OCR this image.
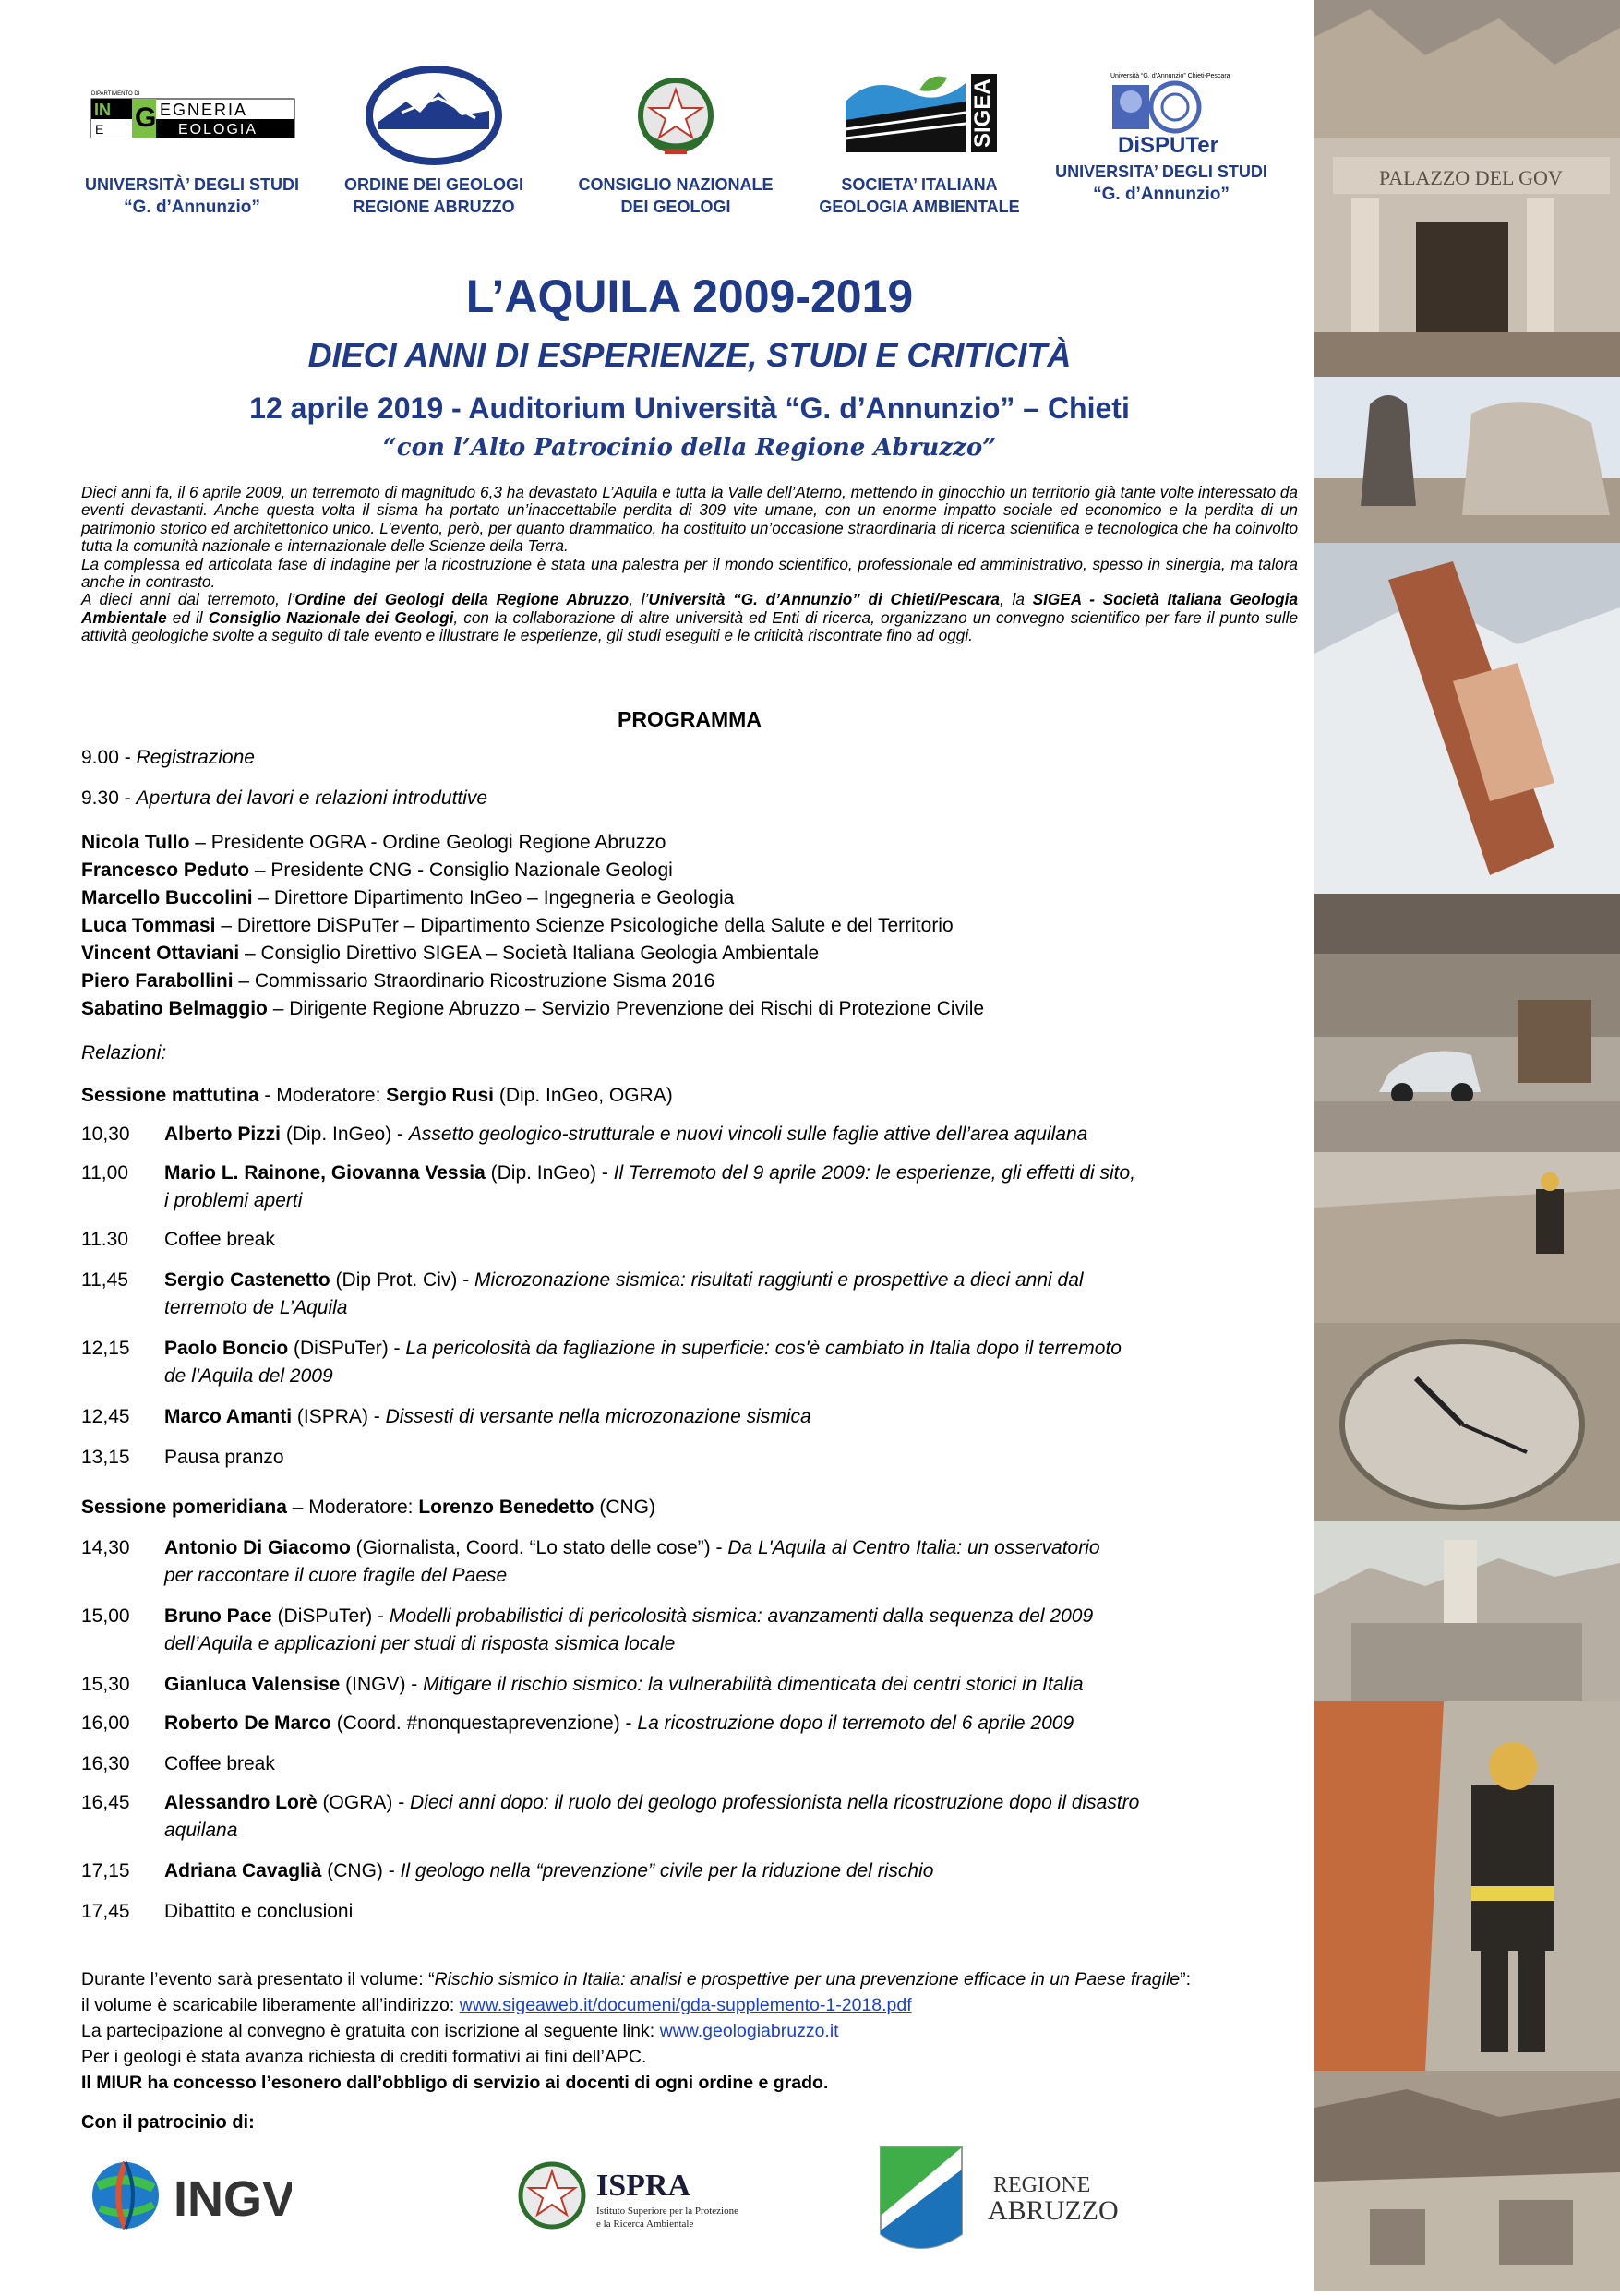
DIPARTIMENTO DI
IN G EGNERIA
E	EOLOGIA
UNIVERSITÀ’ DEGLI STUDI
“G. d’Annunzio”
ORDINE DEI GEOLOGI
REGIONE ABRUZZO
CONSIGLIO NAZIONALE
DEI GEOLOGI
SIGEA
SOCIETA’ ITALIANA
GEOLOGIA AMBIENTALE
Università “G. d’Annunzio” Chieti-Pescara
DiSPUTer
UNIVERSITA’ DEGLI STUDI
“G. d’Annunzio”
L’AQUILA 2009-2019
DIECI ANNI DI ESPERIENZE, STUDI E CRITICITÀ
12 aprile 2019 - Auditorium Università “G. d’Annunzio” – Chieti
“con l’Alto Patrocinio della Regione Abruzzo”

Dieci anni fa, il 6 aprile 2009, un terremoto di magnitudo 6,3 ha devastato L’Aquila e tutta la Valle dell’Aterno, mettendo in ginocchio un territorio già tante volte interessato da eventi devastanti. Anche questa volta il sisma ha portato un’inaccettabile perdita di 309 vite umane, con un enorme impatto sociale ed economico e la perdita di un patrimonio storico ed architettonico unico. L’evento, però, per quanto drammatico, ha costituito un’occasione straordinaria di ricerca scientifica e tecnologica che ha coinvolto tutta la comunità nazionale e internazionale delle Scienze della Terra.

La complessa ed articolata fase di indagine per la ricostruzione è stata una palestra per il mondo scientifico, professionale ed amministrativo, spesso in sinergia, ma talora anche in contrasto.

A dieci anni dal terremoto, l’Ordine dei Geologi della Regione Abruzzo, l’Università “G. d’Annunzio” di Chieti/Pescara, la SIGEA - Società Italiana Geologia Ambientale ed il Consiglio Nazionale dei Geologi, con la collaborazione di altre università ed Enti di ricerca, organizzano un convegno scientifico per fare il punto sulle attività geologiche svolte a seguito di tale evento e illustrare le esperienze, gli studi eseguiti e le criticità riscontrate fino ad oggi.

PROGRAMMA
9.00 - Registrazione
9.30 - Apertura dei lavori e relazioni introduttive
Nicola Tullo – Presidente OGRA - Ordine Geologi Regione Abruzzo
Francesco Peduto – Presidente CNG - Consiglio Nazionale Geologi
Marcello Buccolini – Direttore Dipartimento InGeo – Ingegneria e Geologia
Luca Tommasi – Direttore DiSPuTer – Dipartimento Scienze Psicologiche della Salute e del Territorio
Vincent Ottaviani – Consiglio Direttivo SIGEA – Società Italiana Geologia Ambientale
Piero Farabollini – Commissario Straordinario Ricostruzione Sisma 2016
Sabatino Belmaggio – Dirigente Regione Abruzzo – Servizio Prevenzione dei Rischi di Protezione Civile
Relazioni:
Sessione mattutina - Moderatore: Sergio Rusi (Dip. InGeo, OGRA)
10,30 Alberto Pizzi (Dip. InGeo) - Assetto geologico-strutturale e nuovi vincoli sulle faglie attive dell’area aquilana
11,00 Mario L. Rainone, Giovanna Vessia (Dip. InGeo) - Il Terremoto del 9 aprile 2009: le esperienze, gli effetti di sito,
i problemi aperti
11.30 Coffee break
11,45 Sergio Castenetto (Dip Prot. Civ) - Microzonazione sismica: risultati raggiunti e prospettive a dieci anni dal
terremoto de L’Aquila
12,15 Paolo Boncio (DiSPuTer) - La pericolosità da fagliazione in superficie: cos'è cambiato in Italia dopo il terremoto
de l'Aquila del 2009
12,45 Marco Amanti (ISPRA) - Dissesti di versante nella microzonazione sismica
13,15 Pausa pranzo
Sessione pomeridiana – Moderatore: Lorenzo Benedetto (CNG)
14,30 Antonio Di Giacomo (Giornalista, Coord. “Lo stato delle cose”) - Da L'Aquila al Centro Italia: un osservatorio
per raccontare il cuore fragile del Paese
15,00 Bruno Pace (DiSPuTer) - Modelli probabilistici di pericolosità sismica: avanzamenti dalla sequenza del 2009
dell’Aquila e applicazioni per studi di risposta sismica locale
15,30 Gianluca Valensise (INGV) - Mitigare il rischio sismico: la vulnerabilità dimenticata dei centri storici in Italia
16,00 Roberto De Marco (Coord. #nonquestaprevenzione) - La ricostruzione dopo il terremoto del 6 aprile 2009
16,30 Coffee break
16,45 Alessandro Lorè (OGRA) - Dieci anni dopo: il ruolo del geologo professionista nella ricostruzione dopo il disastro
aquilana
17,15 Adriana Cavaglià (CNG) - Il geologo nella “prevenzione” civile per la riduzione del rischio
17,45 Dibattito e conclusioni
Durante l’evento sarà presentato il volume: “Rischio sismico in Italia: analisi e prospettive per una prevenzione efficace in un Paese fragile”:
il volume è scaricabile liberamente all’indirizzo: www.sigeaweb.it/documeni/gda-supplemento-1-2018.pdf
La partecipazione al convegno è gratuita con iscrizione al seguente link: www.geologiabruzzo.it
Per i geologi è stata avanza richiesta di crediti formativi ai fini dell’APC.
Il MIUR ha concesso l’esonero dall’obbligo di servizio ai docenti di ogni ordine e grado.
Con il patrocinio di:
INGV	ISPRA
Istituto Superiore per la Protezione
e la Ricerca Ambientale
REGIONE
ABRUZZO
PALAZZO DEL GOV
